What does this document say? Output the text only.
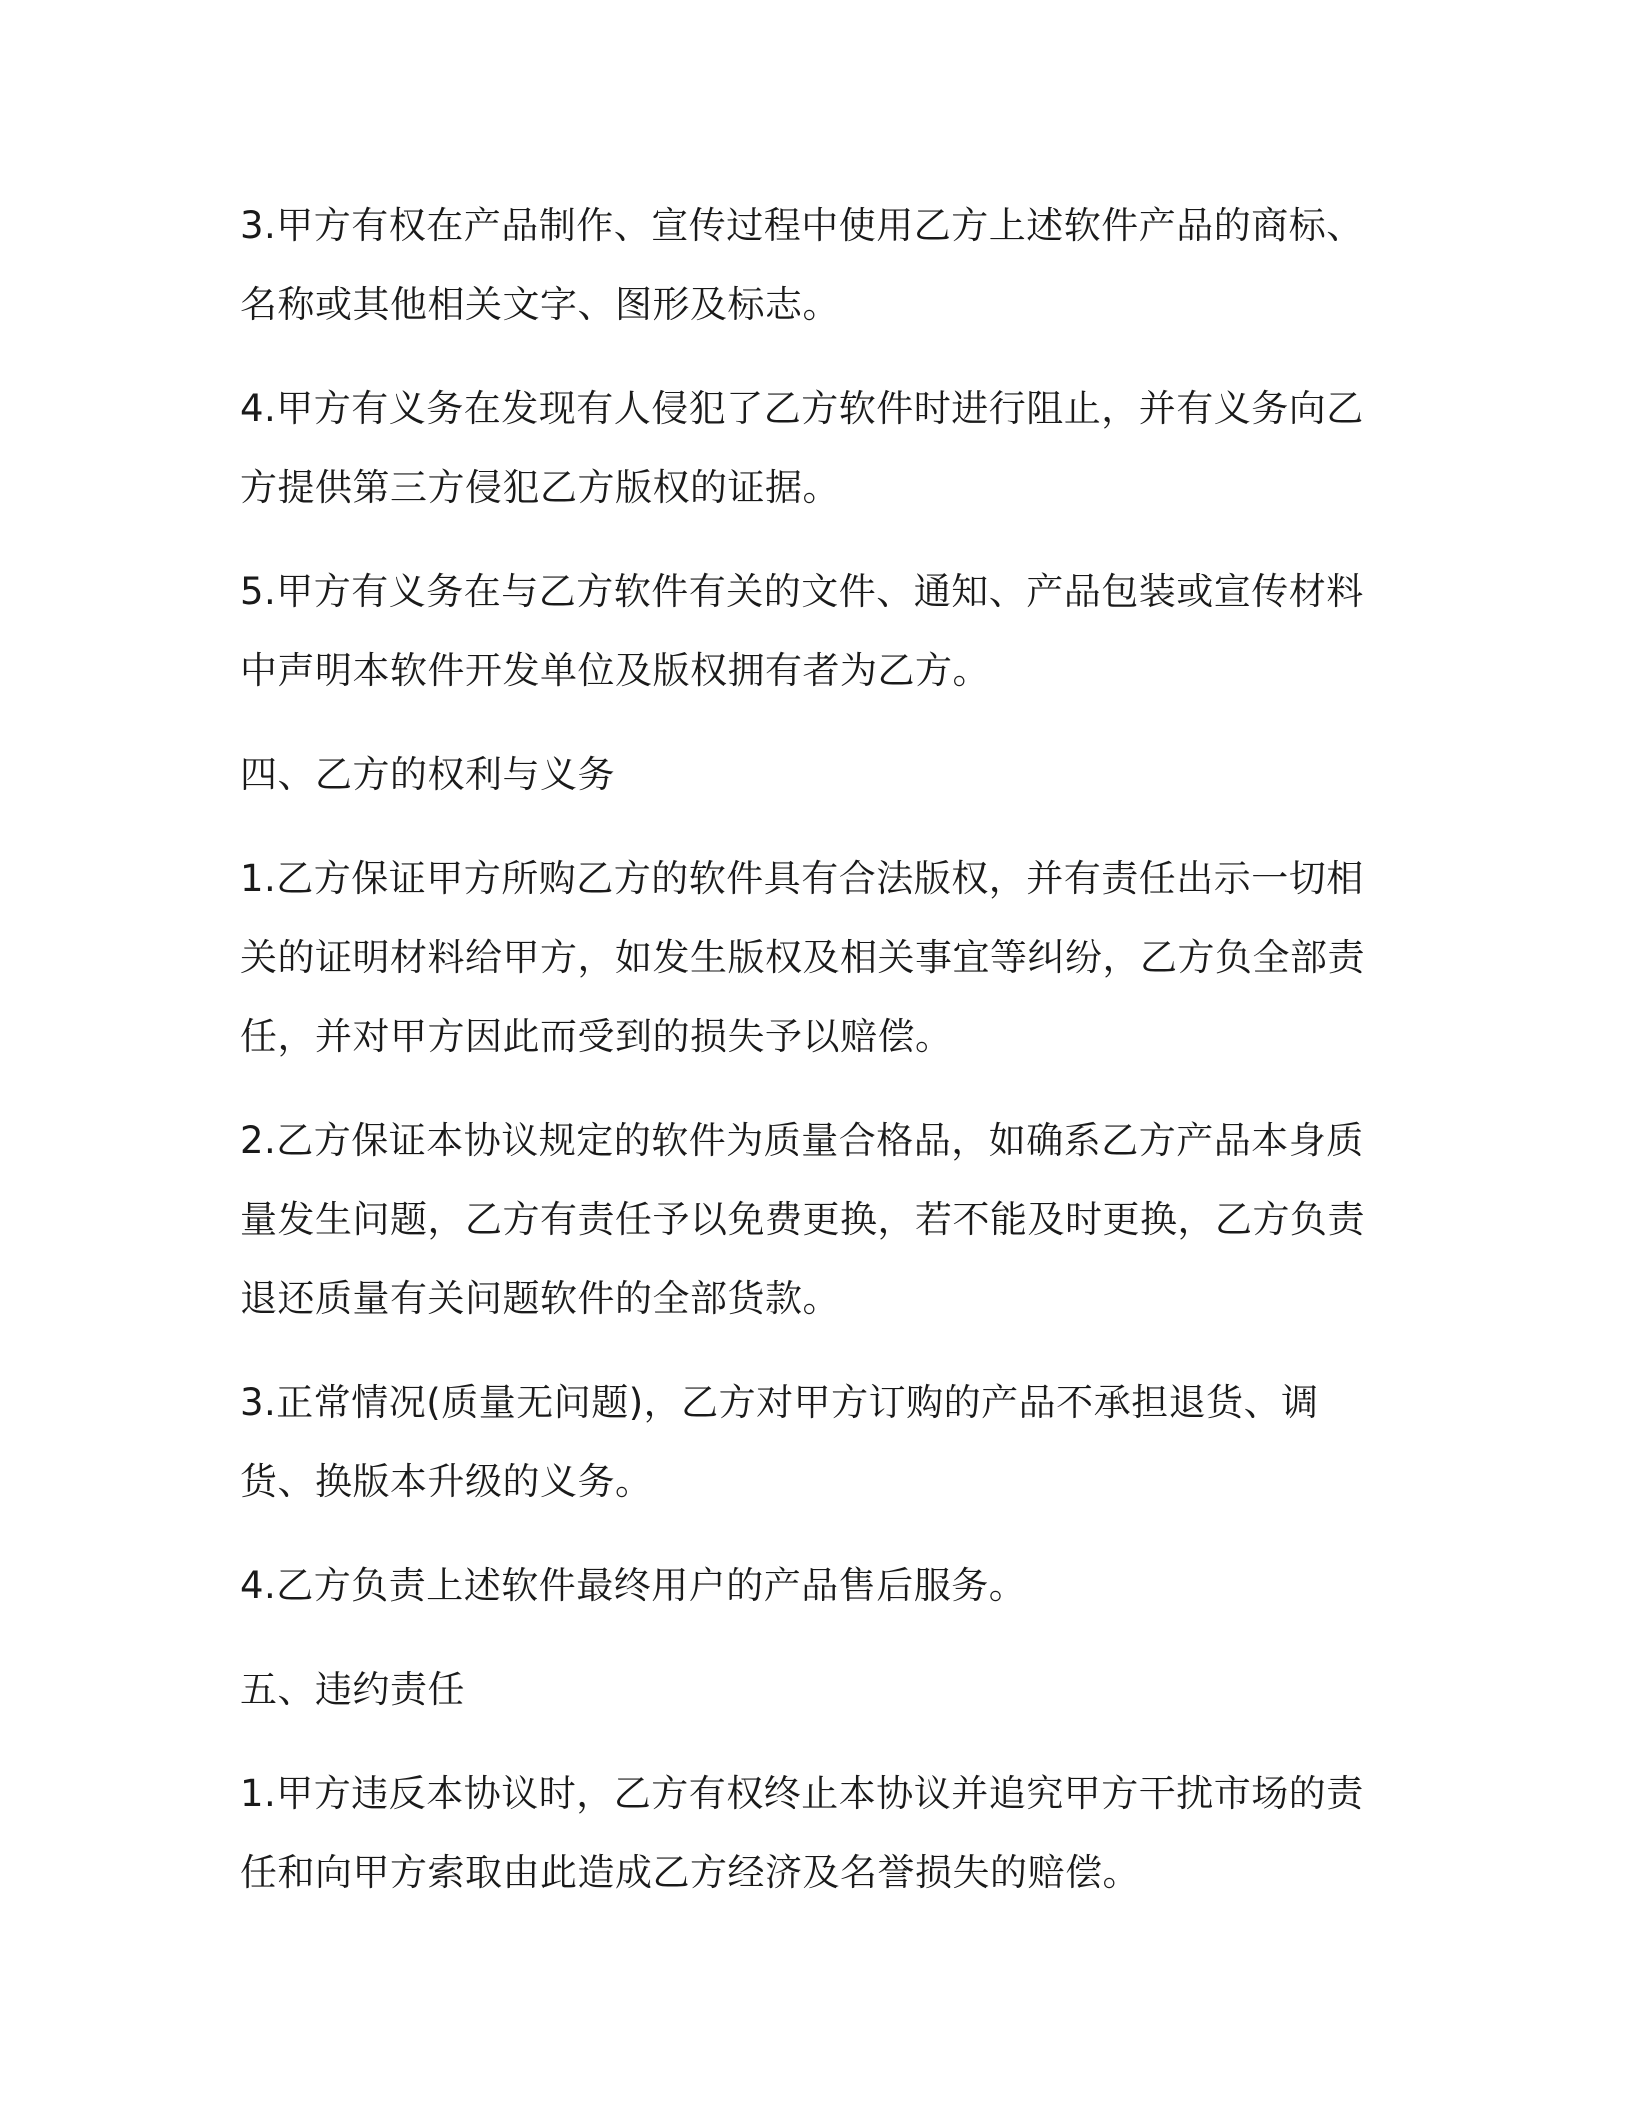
3.甲方有权在产品制作、宣传过程中使用乙方上述软件产品的商标、名称或其他相关文字、图形及标志。

4.甲方有义务在发现有人侵犯了乙方软件时进行阻止，并有义务向乙方提供第三方侵犯乙方版权的证据。

5.甲方有义务在与乙方软件有关的文件、通知、产品包装或宣传材料中声明本软件开发单位及版权拥有者为乙方。

四、乙方的权利与义务

1.乙方保证甲方所购乙方的软件具有合法版权，并有责任出示一切相关的证明材料给甲方，如发生版权及相关事宜等纠纷，乙方负全部责任，并对甲方因此而受到的损失予以赔偿。

2.乙方保证本协议规定的软件为质量合格品，如确系乙方产品本身质量发生问题，乙方有责任予以免费更换，若不能及时更换，乙方负责退还质量有关问题软件的全部货款。

3.正常情况(质量无问题)，乙方对甲方订购的产品不承担退货、调货、换版本升级的义务。

4.乙方负责上述软件最终用户的产品售后服务。

五、违约责任

1.甲方违反本协议时，乙方有权终止本协议并追究甲方干扰市场的责任和向甲方索取由此造成乙方经济及名誉损失的赔偿。
